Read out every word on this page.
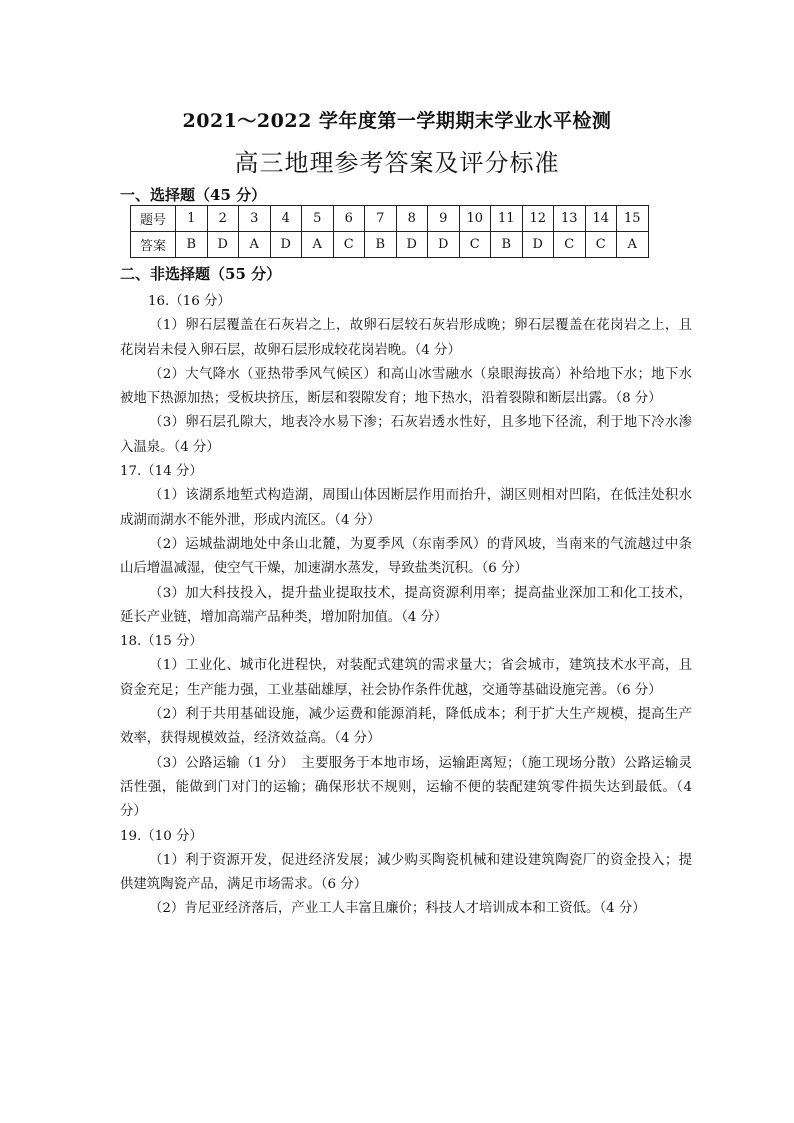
2021～2022 学年度第一学期期末学业水平检测
高三地理参考答案及评分标准
一、选择题（45 分）
题号	1	2	3	4	5	6	7	8	9	10	11	12	13	14	15
答案	B	D	A	D	A	C	B	D	D	C	B	D	C	C	A
二、非选择题（55 分）

16.（16 分）

（1）卵石层覆盖在石灰岩之上，故卵石层较石灰岩形成晚；卵石层覆盖在花岗岩之上，且花岗岩未侵入卵石层，故卵石层形成较花岗岩晚。（4 分）

（2）大气降水（亚热带季风气候区）和高山冰雪融水（泉眼海拔高）补给地下水；地下水被地下热源加热；受板块挤压，断层和裂隙发育；地下热水，沿着裂隙和断层出露。（8 分）

（3）卵石层孔隙大，地表冷水易下渗；石灰岩透水性好，且多地下径流，利于地下冷水渗入温泉。（4 分）

17.（14 分）

（1）该湖系地堑式构造湖，周围山体因断层作用而抬升，湖区则相对凹陷，在低洼处积水成湖而湖水不能外泄，形成内流区。（4 分）

（2）运城盐湖地处中条山北麓，为夏季风（东南季风）的背风坡，当南来的气流越过中条山后增温减湿，使空气干燥，加速湖水蒸发，导致盐类沉积。（6 分）

（3）加大科技投入，提升盐业提取技术，提高资源利用率；提高盐业深加工和化工技术，延长产业链，增加高端产品种类，增加附加值。（4 分）

18.（15 分）

（1）工业化、城市化进程快，对装配式建筑的需求量大；省会城市，建筑技术水平高，且资金充足；生产能力强，工业基础雄厚，社会协作条件优越，交通等基础设施完善。（6 分）

（2）利于共用基础设施，减少运费和能源消耗，降低成本；利于扩大生产规模，提高生产效率，获得规模效益，经济效益高。（4 分）

（3）公路运输（1 分）　主要服务于本地市场，运输距离短；（施工现场分散）公路运输灵活性强，能做到门对门的运输；确保形状不规则，运输不便的装配建筑零件损失达到最低。（4 分）

19.（10 分）

（1）利于资源开发，促进经济发展；减少购买陶瓷机械和建设建筑陶瓷厂的资金投入；提供建筑陶瓷产品，满足市场需求。（6 分）

（2）肯尼亚经济落后，产业工人丰富且廉价；科技人才培训成本和工资低。（4 分）
